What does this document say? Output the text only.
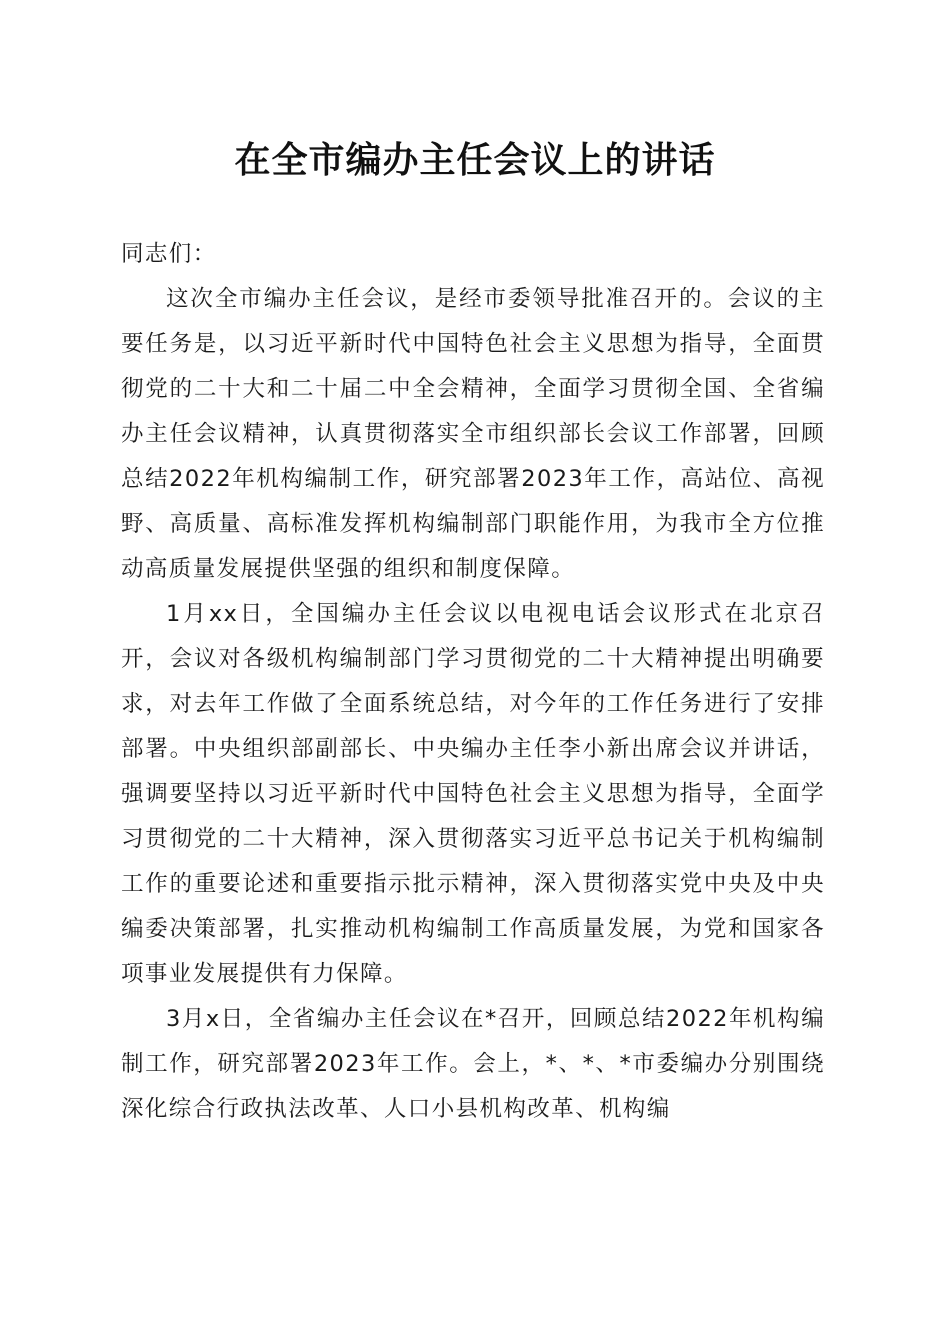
在全市编办主任会议上的讲话

同志们：

这次全市编办主任会议，是经市委领导批准召开的。会议的主要任务是，以习近平新时代中国特色社会主义思想为指导，全面贯彻党的二十大和二十届二中全会精神，全面学习贯彻全国、全省编办主任会议精神，认真贯彻落实全市组织部长会议工作部署，回顾总结2022年机构编制工作，研究部署2023年工作，高站位、高视野、高质量、高标准发挥机构编制部门职能作用，为我市全方位推动高质量发展提供坚强的组织和制度保障。

1月xx日，全国编办主任会议以电视电话会议形式在北京召开，会议对各级机构编制部门学习贯彻党的二十大精神提出明确要求，对去年工作做了全面系统总结，对今年的工作任务进行了安排部署。中央组织部副部长、中央编办主任李小新出席会议并讲话，强调要坚持以习近平新时代中国特色社会主义思想为指导，全面学习贯彻党的二十大精神，深入贯彻落实习近平总书记关于机构编制工作的重要论述和重要指示批示精神，深入贯彻落实党中央及中央编委决策部署，扎实推动机构编制工作高质量发展，为党和国家各项事业发展提供有力保障。

3月x日，全省编办主任会议在*召开，回顾总结2022年机构编制工作，研究部署2023年工作。会上，*、*、*市委编办分别围绕深化综合行政执法改革、人口小县机构改革、机构编
